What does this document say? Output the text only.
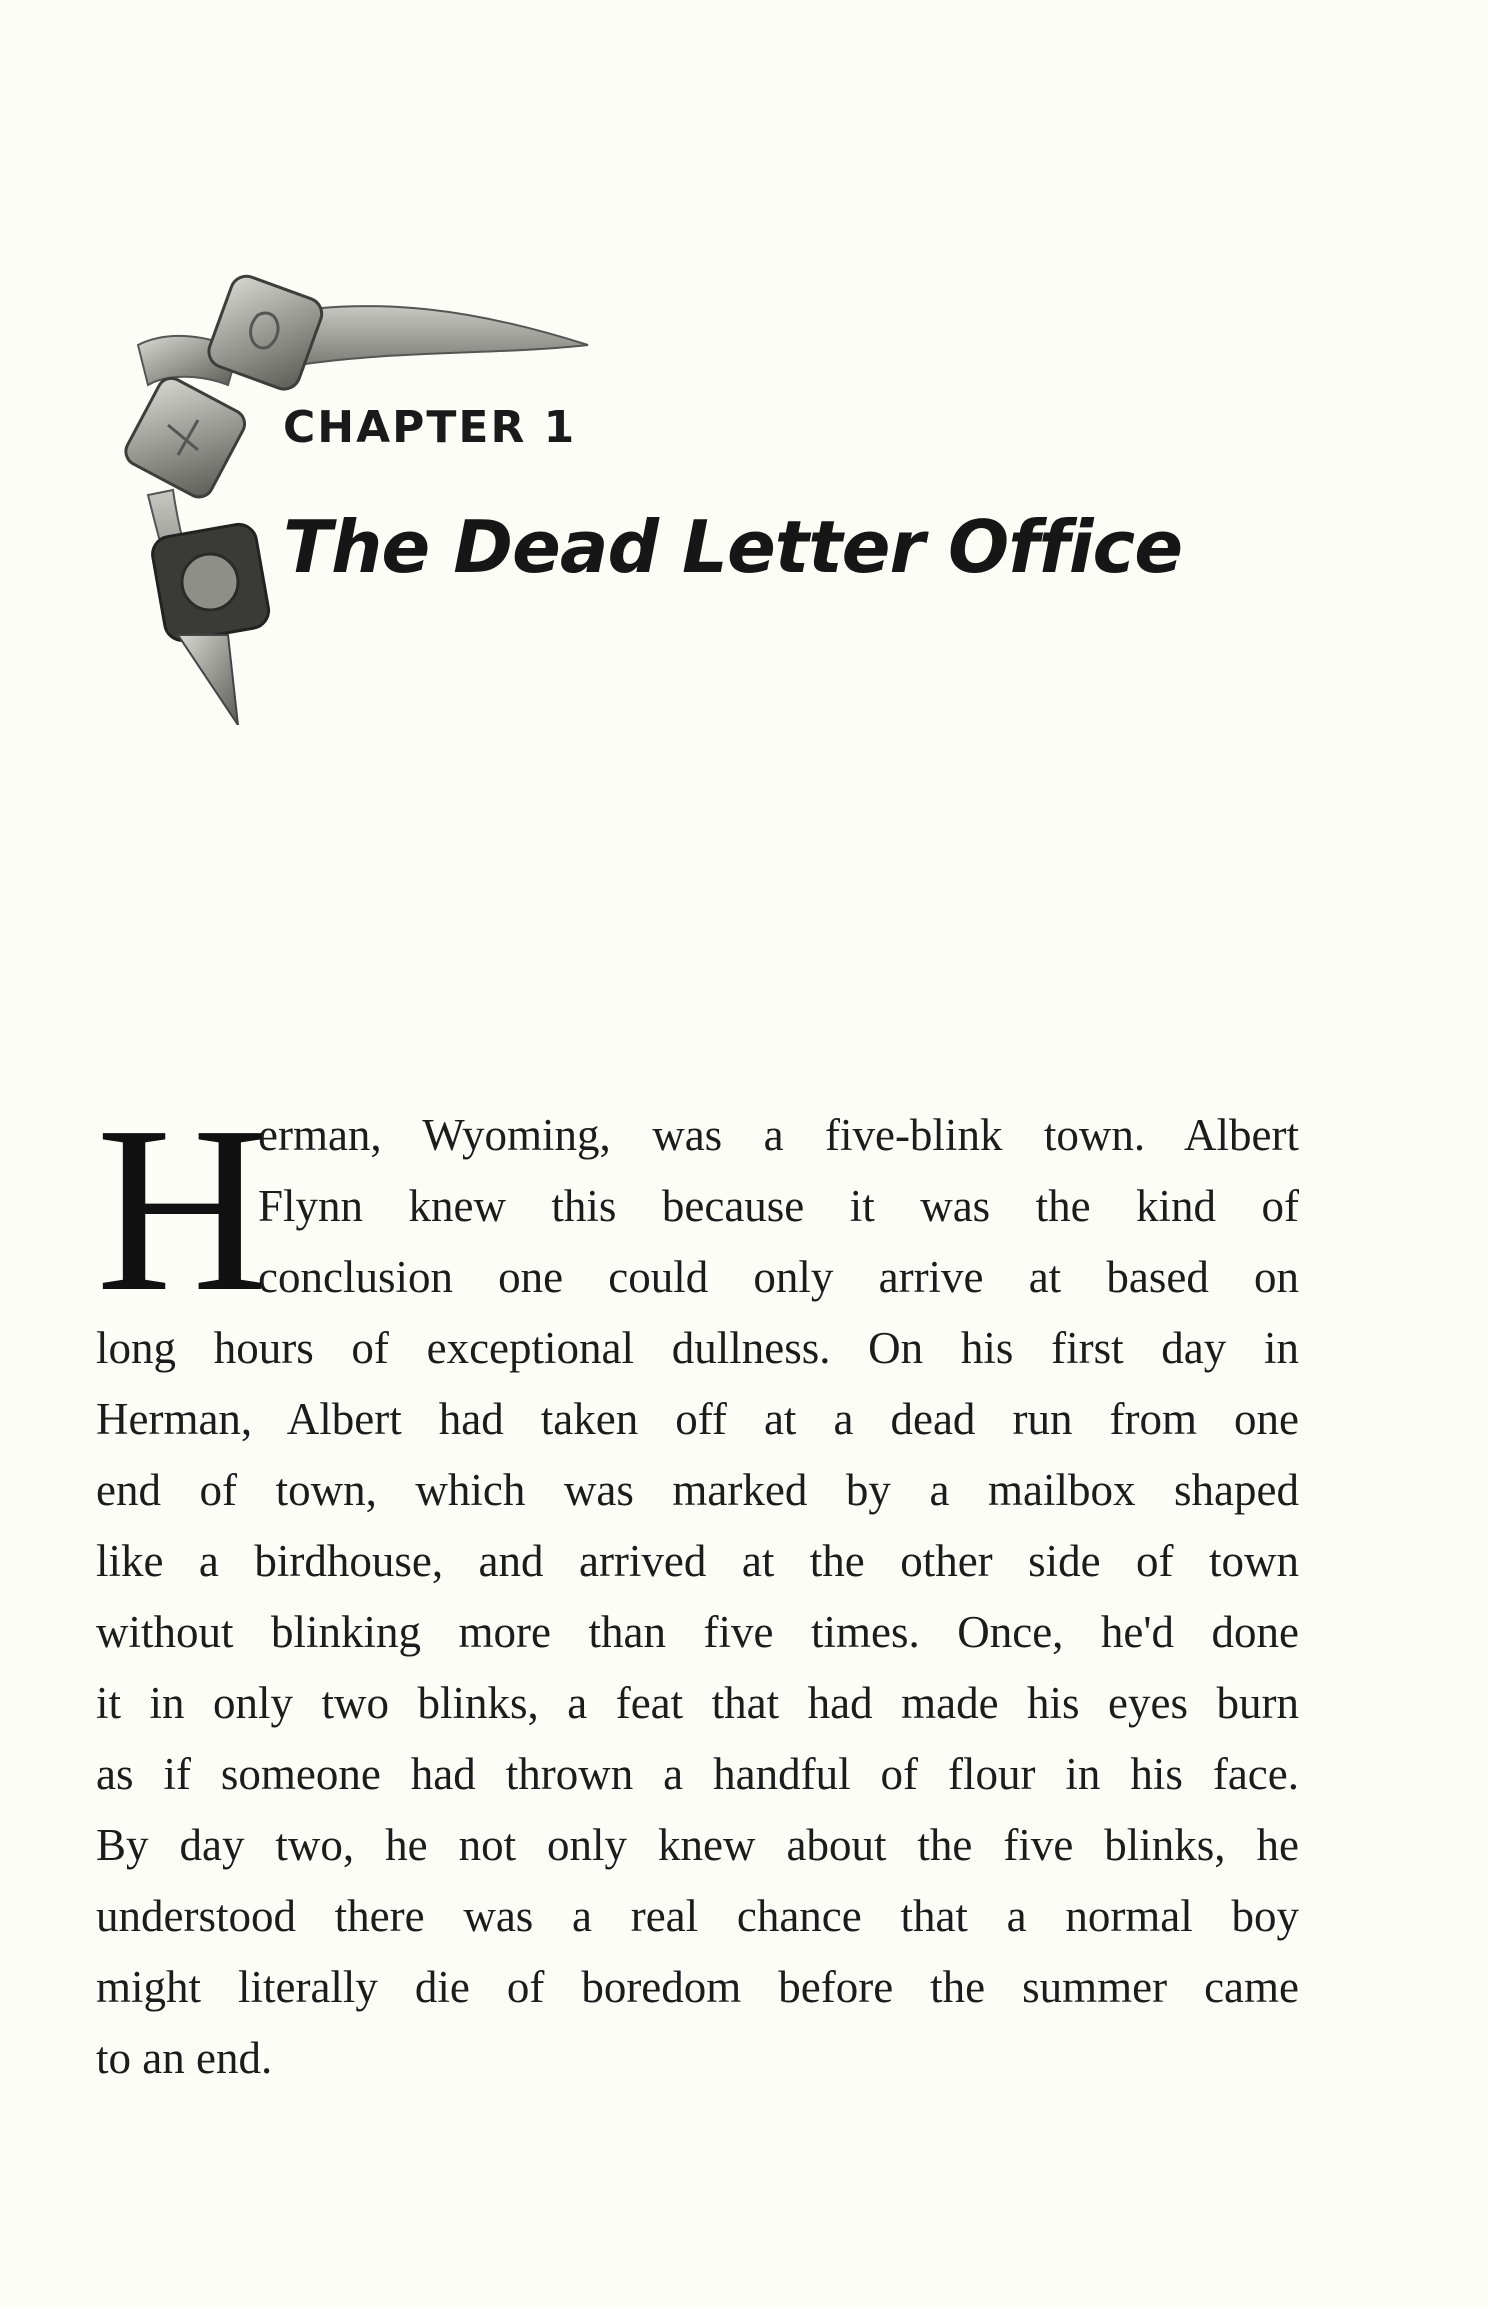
CHAPTER 1
The Dead Letter Office
H
erman, Wyoming, was a five-blink town. Albert
Flynn knew this because it was the kind of
conclusion one could only arrive at based on
long hours of exceptional dullness. On his first day in
Herman, Albert had taken off at a dead run from one
end of town, which was marked by a mailbox shaped
like a birdhouse, and arrived at the other side of town
without blinking more than five times. Once, he'd done
it in only two blinks, a feat that had made his eyes burn
as if someone had thrown a handful of flour in his face.
By day two, he not only knew about the five blinks, he
understood there was a real chance that a normal boy
might literally die of boredom before the summer came
to an end.
